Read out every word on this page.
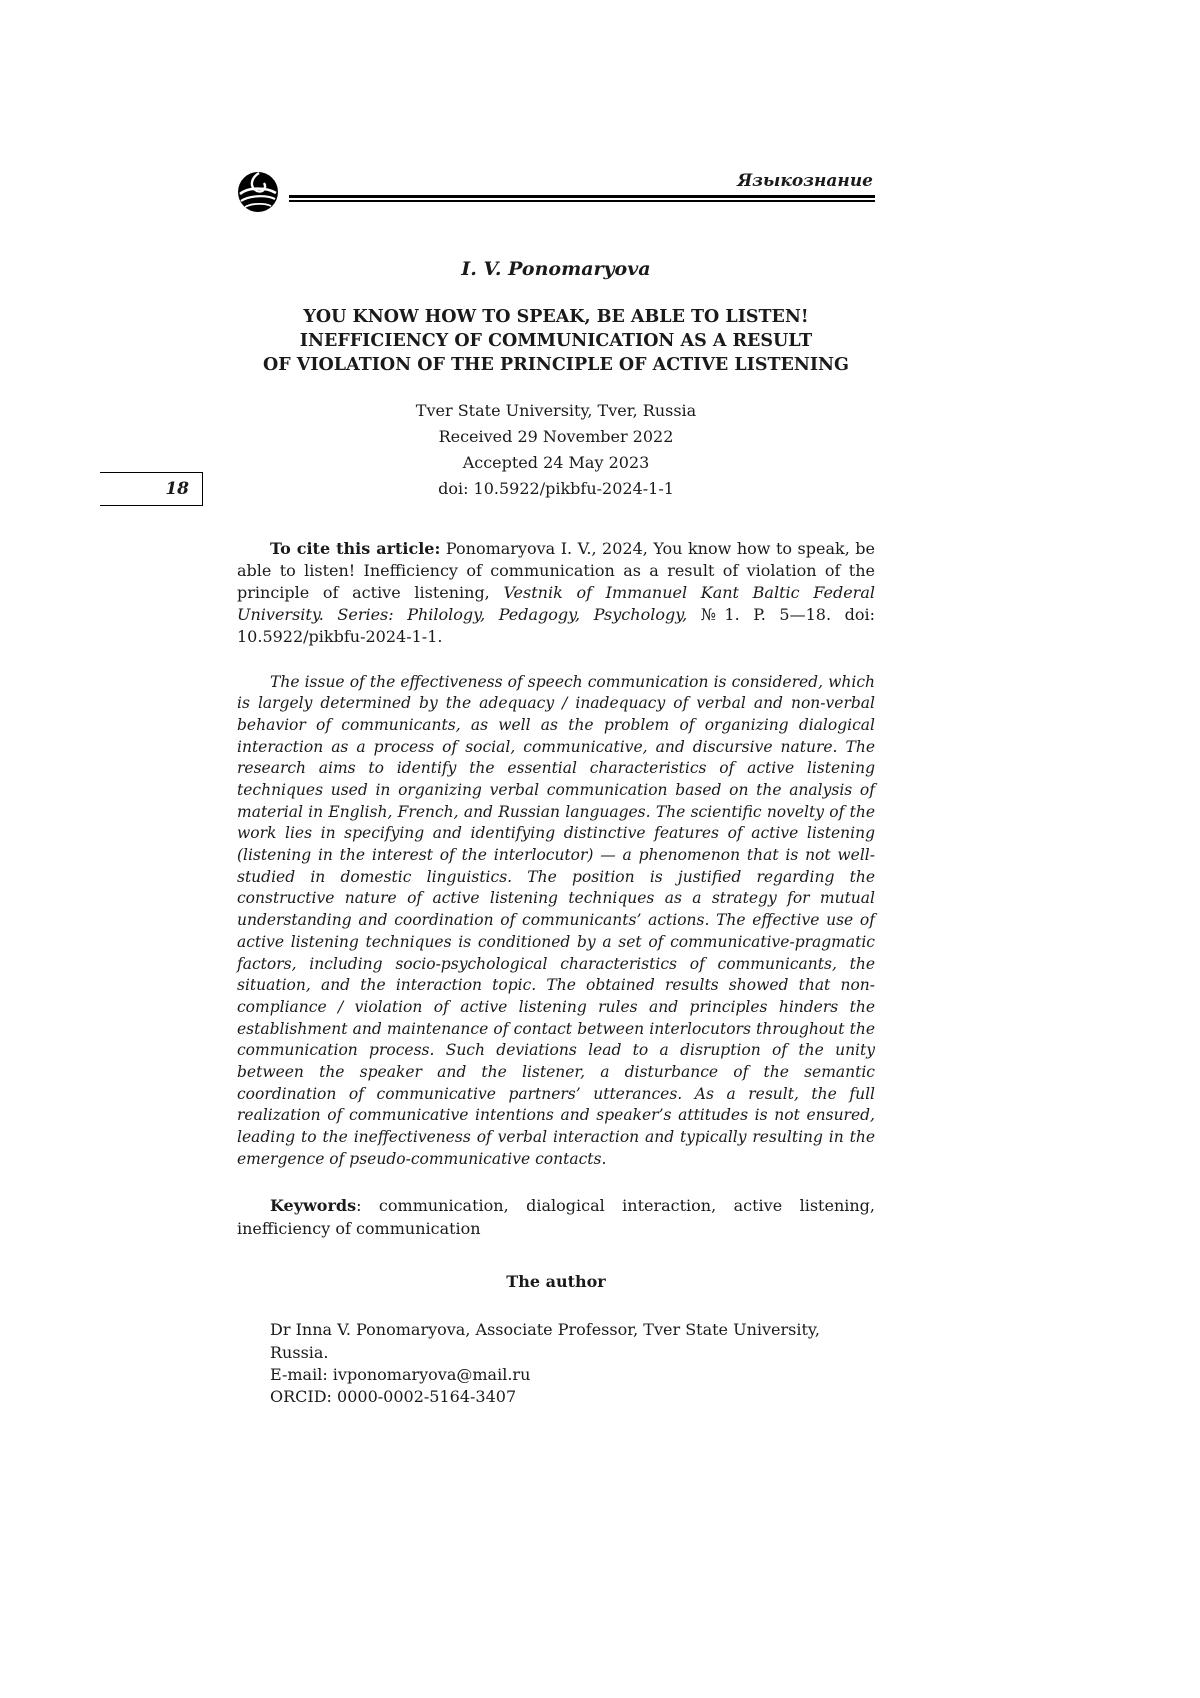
18
Языкознание
I. V. Ponomaryova
YOU KNOW HOW TO SPEAK, BE ABLE TO LISTEN!
INEFFICIENCY OF COMMUNICATION AS A RESULT
OF VIOLATION OF THE PRINCIPLE OF ACTIVE LISTENING
Tver State University, Tver, Russia
Received 29 November 2022
Accepted 24 May 2023
doi: 10.5922/pikbfu-2024-1-1

To cite this article: Ponomaryova I. V., 2024, You know how to speak, be able to listen! Inefficiency of communication as a result of violation of the principle of active listening, Vestnik of Immanuel Kant Baltic Federal University. Series: Philology, Pedagogy, Psychology, №1. P. 5—18. doi: 10.5922/pikbfu-2024-1-1.

The issue of the effectiveness of speech communication is considered, which is largely determined by the adequacy / inadequacy of verbal and non-verbal behavior of communicants, as well as the problem of organizing dialogical interaction as a process of social, communicative, and discursive nature. The research aims to identify the essential characteristics of active listening techniques used in organizing verbal communication based on the analysis of material in English, French, and Russian languages. The scientific novelty of the work lies in specifying and identifying distinctive features of active listening (listening in the interest of the interlocutor) — a phenomenon that is not well-studied in domestic linguistics. The position is justified regarding the constructive nature of active listening techniques as a strategy for mutual understanding and coordination of communicants’ actions. The effective use of active listening techniques is conditioned by a set of communicative-pragmatic factors, including socio-psychological characteristics of communicants, the situation, and the interaction topic. The obtained results showed that non-compliance / violation of active listening rules and principles hinders the establishment and maintenance of contact between interlocutors throughout the communication process. Such deviations lead to a disruption of the unity between the speaker and the listener, a disturbance of the semantic coordination of communicative partners’ utterances. As a result, the full realization of communicative intentions and speaker’s attitudes is not ensured, leading to the ineffectiveness of verbal interaction and typically resulting in the emergence of pseudo-communicative contacts.

Keywords: communication, dialogical interaction, active listening, inefficiency of communication

The author
Dr Inna V. Ponomaryova, Associate Professor, Tver State University, Russia.
E-mail: ivponomaryova@mail.ru
ORCID: 0000-0002-5164-3407
